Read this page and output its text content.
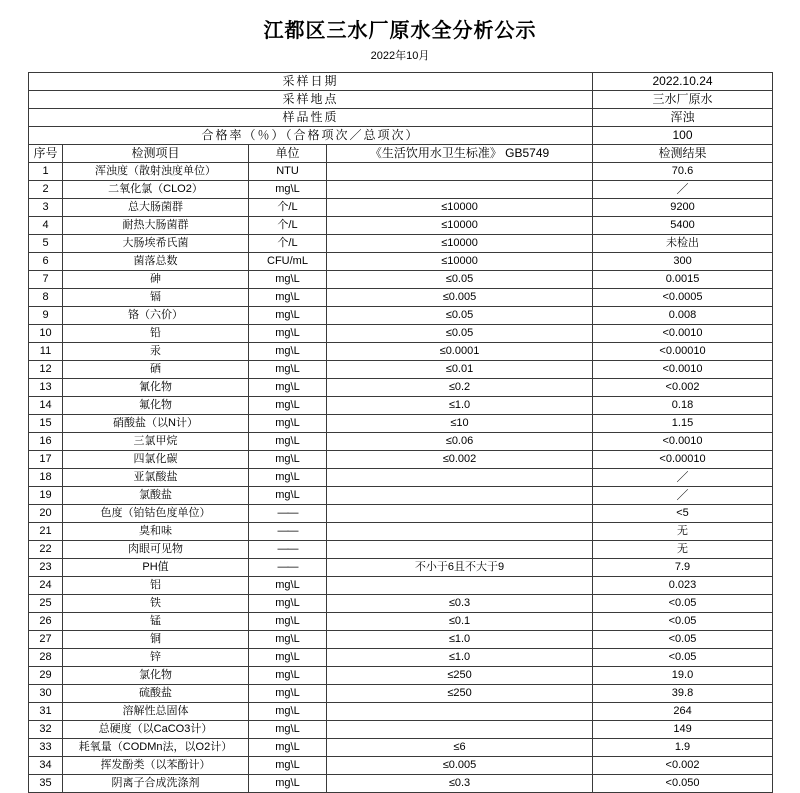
江都区三水厂原水全分析公示
2022年10月
采样日期				2022.10.24
采样地点				三水厂原水
样品性质				浑浊
合格率（％）（合格项次／总项次）				100
序号	检测项目	单位	《生活饮用水卫生标准》 GB5749	检测结果
1	浑浊度（散射浊度单位）	NTU		70.6
2	二氧化氯（CLO2）	mg\L		／
3	总大肠菌群	个/L	≤10000	9200
4	耐热大肠菌群	个/L	≤10000	5400
5	大肠埃希氏菌	个/L	≤10000	未检出
6	菌落总数	CFU/mL	≤10000	300
7	砷	mg\L	≤0.05	0.0015
8	镉	mg\L	≤0.005	<0.0005
9	铬（六价）	mg\L	≤0.05	0.008
10	铅	mg\L	≤0.05	<0.0010
11	汞	mg\L	≤0.0001	<0.00010
12	硒	mg\L	≤0.01	<0.0010
13	氰化物	mg\L	≤0.2	<0.002
14	氟化物	mg\L	≤1.0	0.18
15	硝酸盐（以N计）	mg\L	≤10	1.15
16	三氯甲烷	mg\L	≤0.06	<0.0010
17	四氯化碳	mg\L	≤0.002	<0.00010
18	亚氯酸盐	mg\L		／
19	氯酸盐	mg\L		／
20	色度（铂钴色度单位）	——		<5
21	臭和味	——		无
22	肉眼可见物	——		无
23	PH值	——	不小于6且不大于9	7.9
24	铝	mg\L		0.023
25	铁	mg\L	≤0.3	<0.05
26	锰	mg\L	≤0.1	<0.05
27	铜	mg\L	≤1.0	<0.05
28	锌	mg\L	≤1.0	<0.05
29	氯化物	mg\L	≤250	19.0
30	硫酸盐	mg\L	≤250	39.8
31	溶解性总固体	mg\L		264
32	总硬度（以CaCO3计）	mg\L		149
33	耗氧量（CODMn法，以O2计）	mg\L	≤6	1.9
34	挥发酚类（以苯酚计）	mg\L	≤0.005	<0.002
35	阴离子合成洗涤剂	mg\L	≤0.3	<0.050
